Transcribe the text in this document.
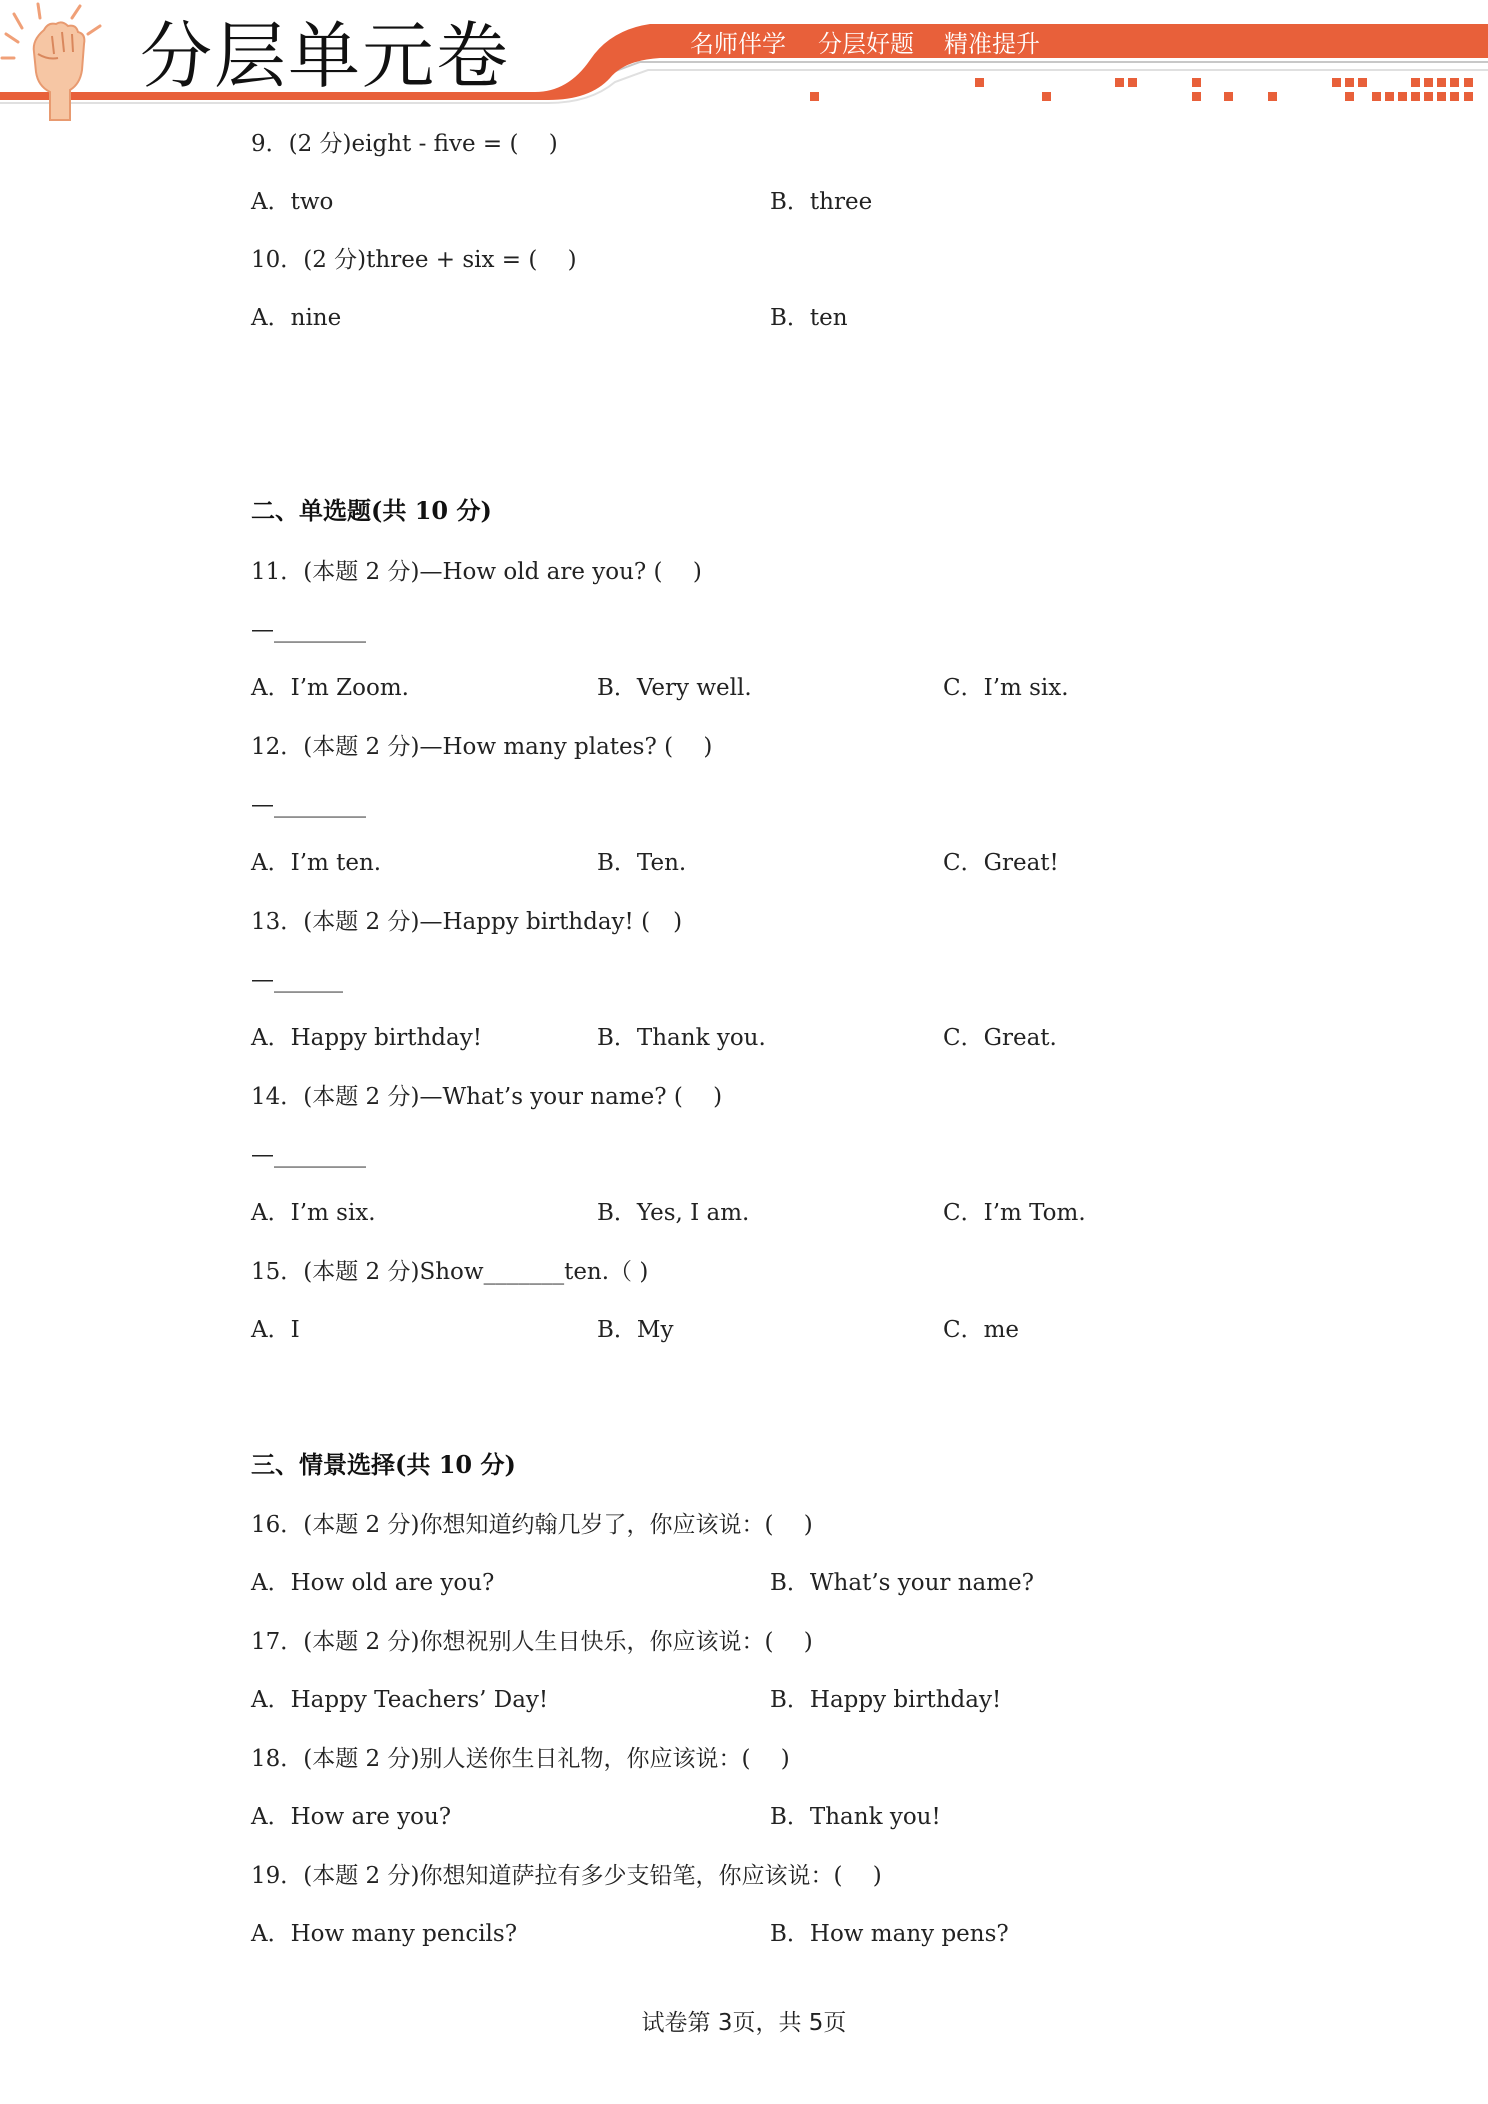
分层单元卷	名师伴学 分层好题 精准提升
9．(2 分)eight - five = (　 )
A．two	B．three
10．(2 分)three + six = (　 )
A．nine	B．ten
二、单选题(共 10 分)
11．(本题 2 分)—How old are you? (　 )
—________
A．I’m Zoom.	B．Very well.	C．I’m six.
12．(本题 2 分)—How many plates? (　 )
—________
A．I’m ten.	B．Ten.	C．Great!
13．(本题 2 分)—Happy birthday! (　)
—______
A．Happy birthday!	B．Thank you.	C．Great.
14．(本题 2 分)—What’s your name? (　 )
—________
A．I’m six.	B．Yes, I am.	C．I’m Tom.
15．(本题 2 分)Show_______ten.（ )
A．I	B．My	C．me
三、情景选择(共 10 分)
16．(本题 2 分)你想知道约翰几岁了，你应该说：(　 )
A．How old are you?	B．What’s your name?
17．(本题 2 分)你想祝别人生日快乐，你应该说：(　 )
A．Happy Teachers’ Day!	B．Happy birthday!
18．(本题 2 分)别人送你生日礼物，你应该说：(　 )
A．How are you?	B．Thank you!
19．(本题 2 分)你想知道萨拉有多少支铅笔，你应该说：(　 )
A．How many pencils?	B．How many pens?
试卷第 3页，共 5页
